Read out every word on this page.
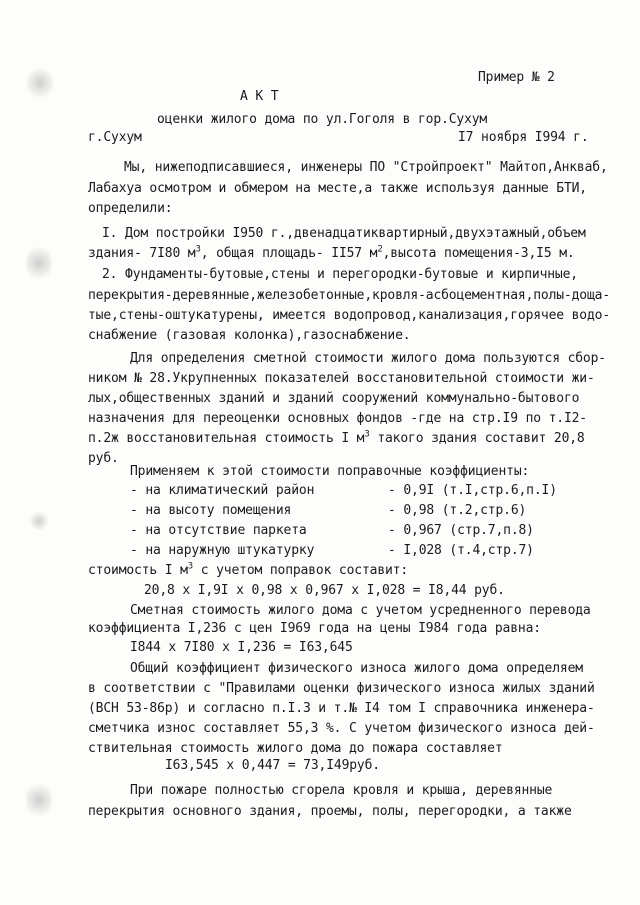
Пример № 2
А К Т
оценки жилого дома по ул.Гоголя в гор.Сухум
г.Сухум	I7 ноября I994 г.
Мы, нижеподписавшиеся, инженеры ПО "Стройпроект" Майтоп,Анкваб,
Лабахуа осмотром и обмером на месте,а также используя данные БТИ,
определили:
I. Дом постройки I950 г.,двенадцатиквартирный,двухэтажный,объем
здания- 7I80 $м^3$, общая площадь- II57 $м^2,высота$ помещения-3,I5 м.
2. Фундаменты-бутовые,стены и перегородки-бутовые и кирпичные,
перекрытия-деревянные,железобетонные,кровля-асбоцементная,полы-доща-
тые,стены-оштукатурены, имеется водопровод,канализация,горячее водо-
снабжение (газовая колонка),газоснабжение.
Для определения сметной стоимости жилого дома пользуются сбор-
ником № 28.Укрупненных показателей восстановительной стоимости жи-
лых,общественных зданий и зданий сооружений коммунально-бытового
назначения для переоценки основных фондов -где на стр.I9 по т.I2-
п.2ж восстановительная стоимость I $м^3$ такого здания составит 20,8
руб.
Применяем к этой стоимости поправочные коэффициенты:
- на климатический район	- 0,9I (т.I,стр.6,п.I)
- на высоту помещения	- 0,98 (т.2,стр.6)
- на отсутствие паркета	- 0,967 (стр.7,п.8)
- на наружную штукатурку	- I,028 (т.4,стр.7)
стоимость I $м^3$ с учетом поправок составит:
20,8 х I,9I х 0,98 х 0,967 х I,028 = I8,44 руб.
Сметная стоимость жилого дома с учетом усредненного перевода
коэффициента I,236 с цен I969 года на цены I984 года равна:
I844 х 7I80 х I,236 = I63,645
Общий коэффициент физического износа жилого дома определяем
в соответствии с "Правилами оценки физического износа жилых зданий
(ВСН 53-86р) и согласно п.I.3 и т.№ I4 том I справочника инженера-
сметчика износ составляет 55,3 %. С учетом физического износа дей-
ствительная стоимость жилого дома до пожара составляет
I63,545 х 0,447 = 73,I49руб.
При пожаре полностью сгорела кровля и крыша, деревянные
перекрытия основного здания, проемы, полы, перегородки, а также
